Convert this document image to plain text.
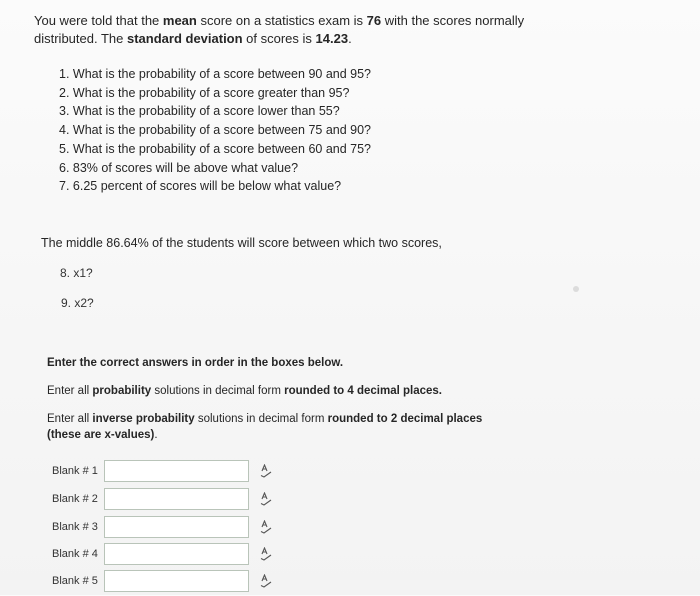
You were told that the mean score on a statistics exam is 76 with the scores normally distributed. The standard deviation of scores is 14.23.
1. What is the probability of a score between 90 and 95?
2. What is the probability of a score greater than 95?
3. What is the probability of a score lower than 55?
4. What is the probability of a score between 75 and 90?
5. What is the probability of a score between 60 and 75?
6. 83% of scores will be above what value?
7. 6.25 percent of scores will be below what value?
The middle 86.64% of the students will score between which two scores,
8. x1?
9. x2?
Enter the correct answers in order in the boxes below.
Enter all probability solutions in decimal form rounded to 4 decimal places.
Enter all inverse probability solutions in decimal form rounded to 2 decimal places
(these are x-values).
Blank # 1
Blank # 2
Blank # 3
Blank # 4
Blank # 5
